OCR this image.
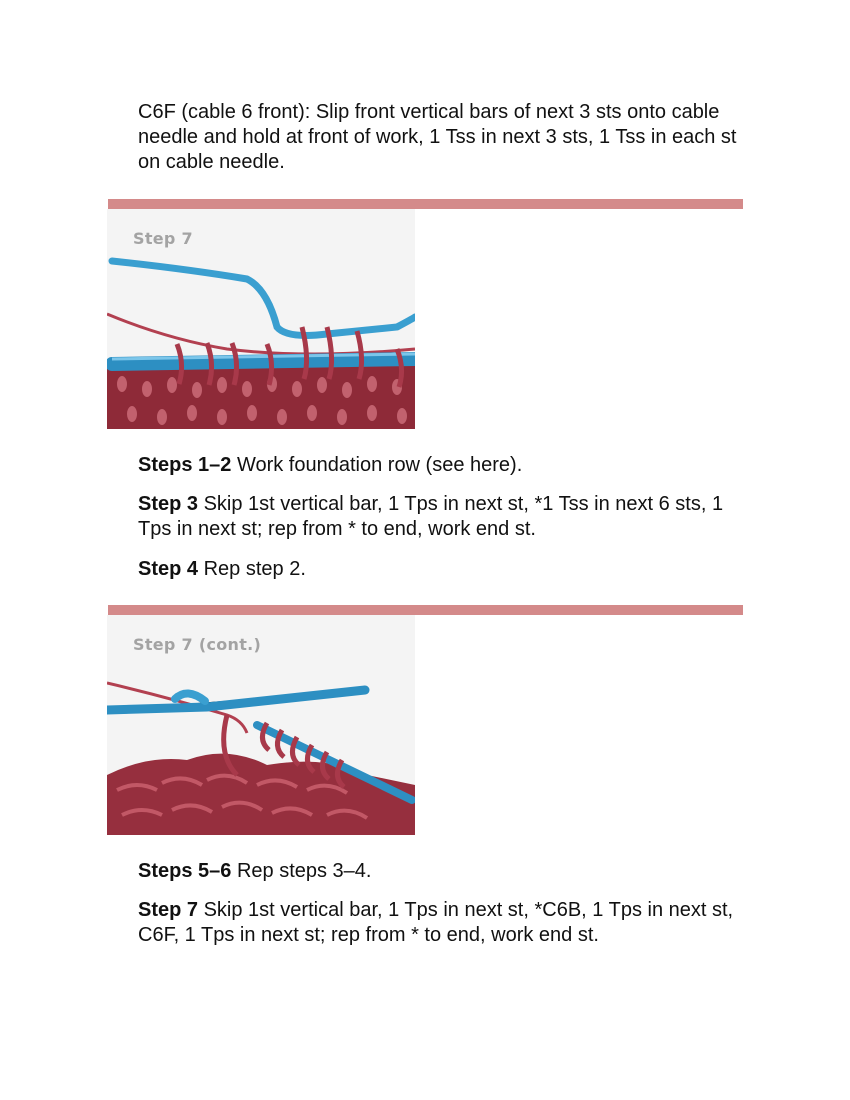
C6F (cable 6 front): Slip front vertical bars of next 3 sts onto cable needle and hold at front of work, 1 Tss in next 3 sts, 1 Tss in each st on cable needle.

Step 7

Steps 1–2 Work foundation row (see here).

Step 3 Skip 1st vertical bar, 1 Tps in next st, *1 Tss in next 6 sts, 1 Tps in next st; rep from * to end, work end st.

Step 4 Rep step 2.

Step 7 (cont.)

Steps 5–6 Rep steps 3–4.

Step 7 Skip 1st vertical bar, 1 Tps in next st, *C6B, 1 Tps in next st, C6F, 1 Tps in next st; rep from * to end, work end st.
